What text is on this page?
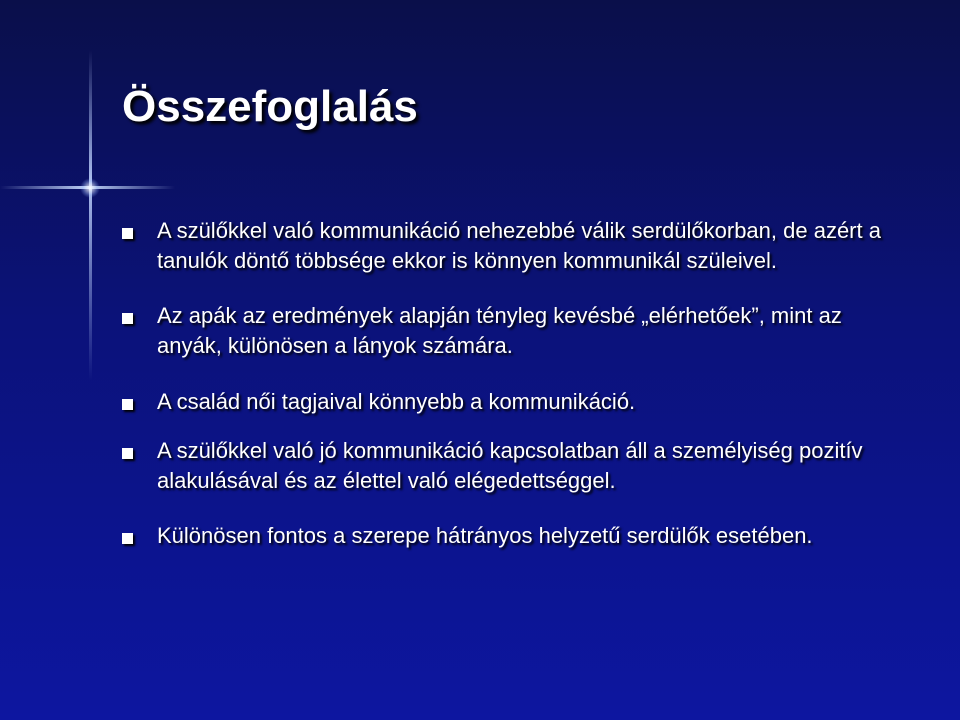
Összefoglalás
A szülőkkel való kommunikáció nehezebbé válik serdülőkorban, de azért a tanulók döntő többsége ekkor is könnyen kommunikál szüleivel.
Az apák az eredmények alapján tényleg kevésbé „elérhetőek”, mint az anyák, különösen a lányok számára.
A család női tagjaival könnyebb a kommunikáció.
A szülőkkel való jó kommunikáció kapcsolatban áll a személyiség pozitív alakulásával és az élettel való elégedettséggel.
Különösen fontos a szerepe hátrányos helyzetű serdülők esetében.
